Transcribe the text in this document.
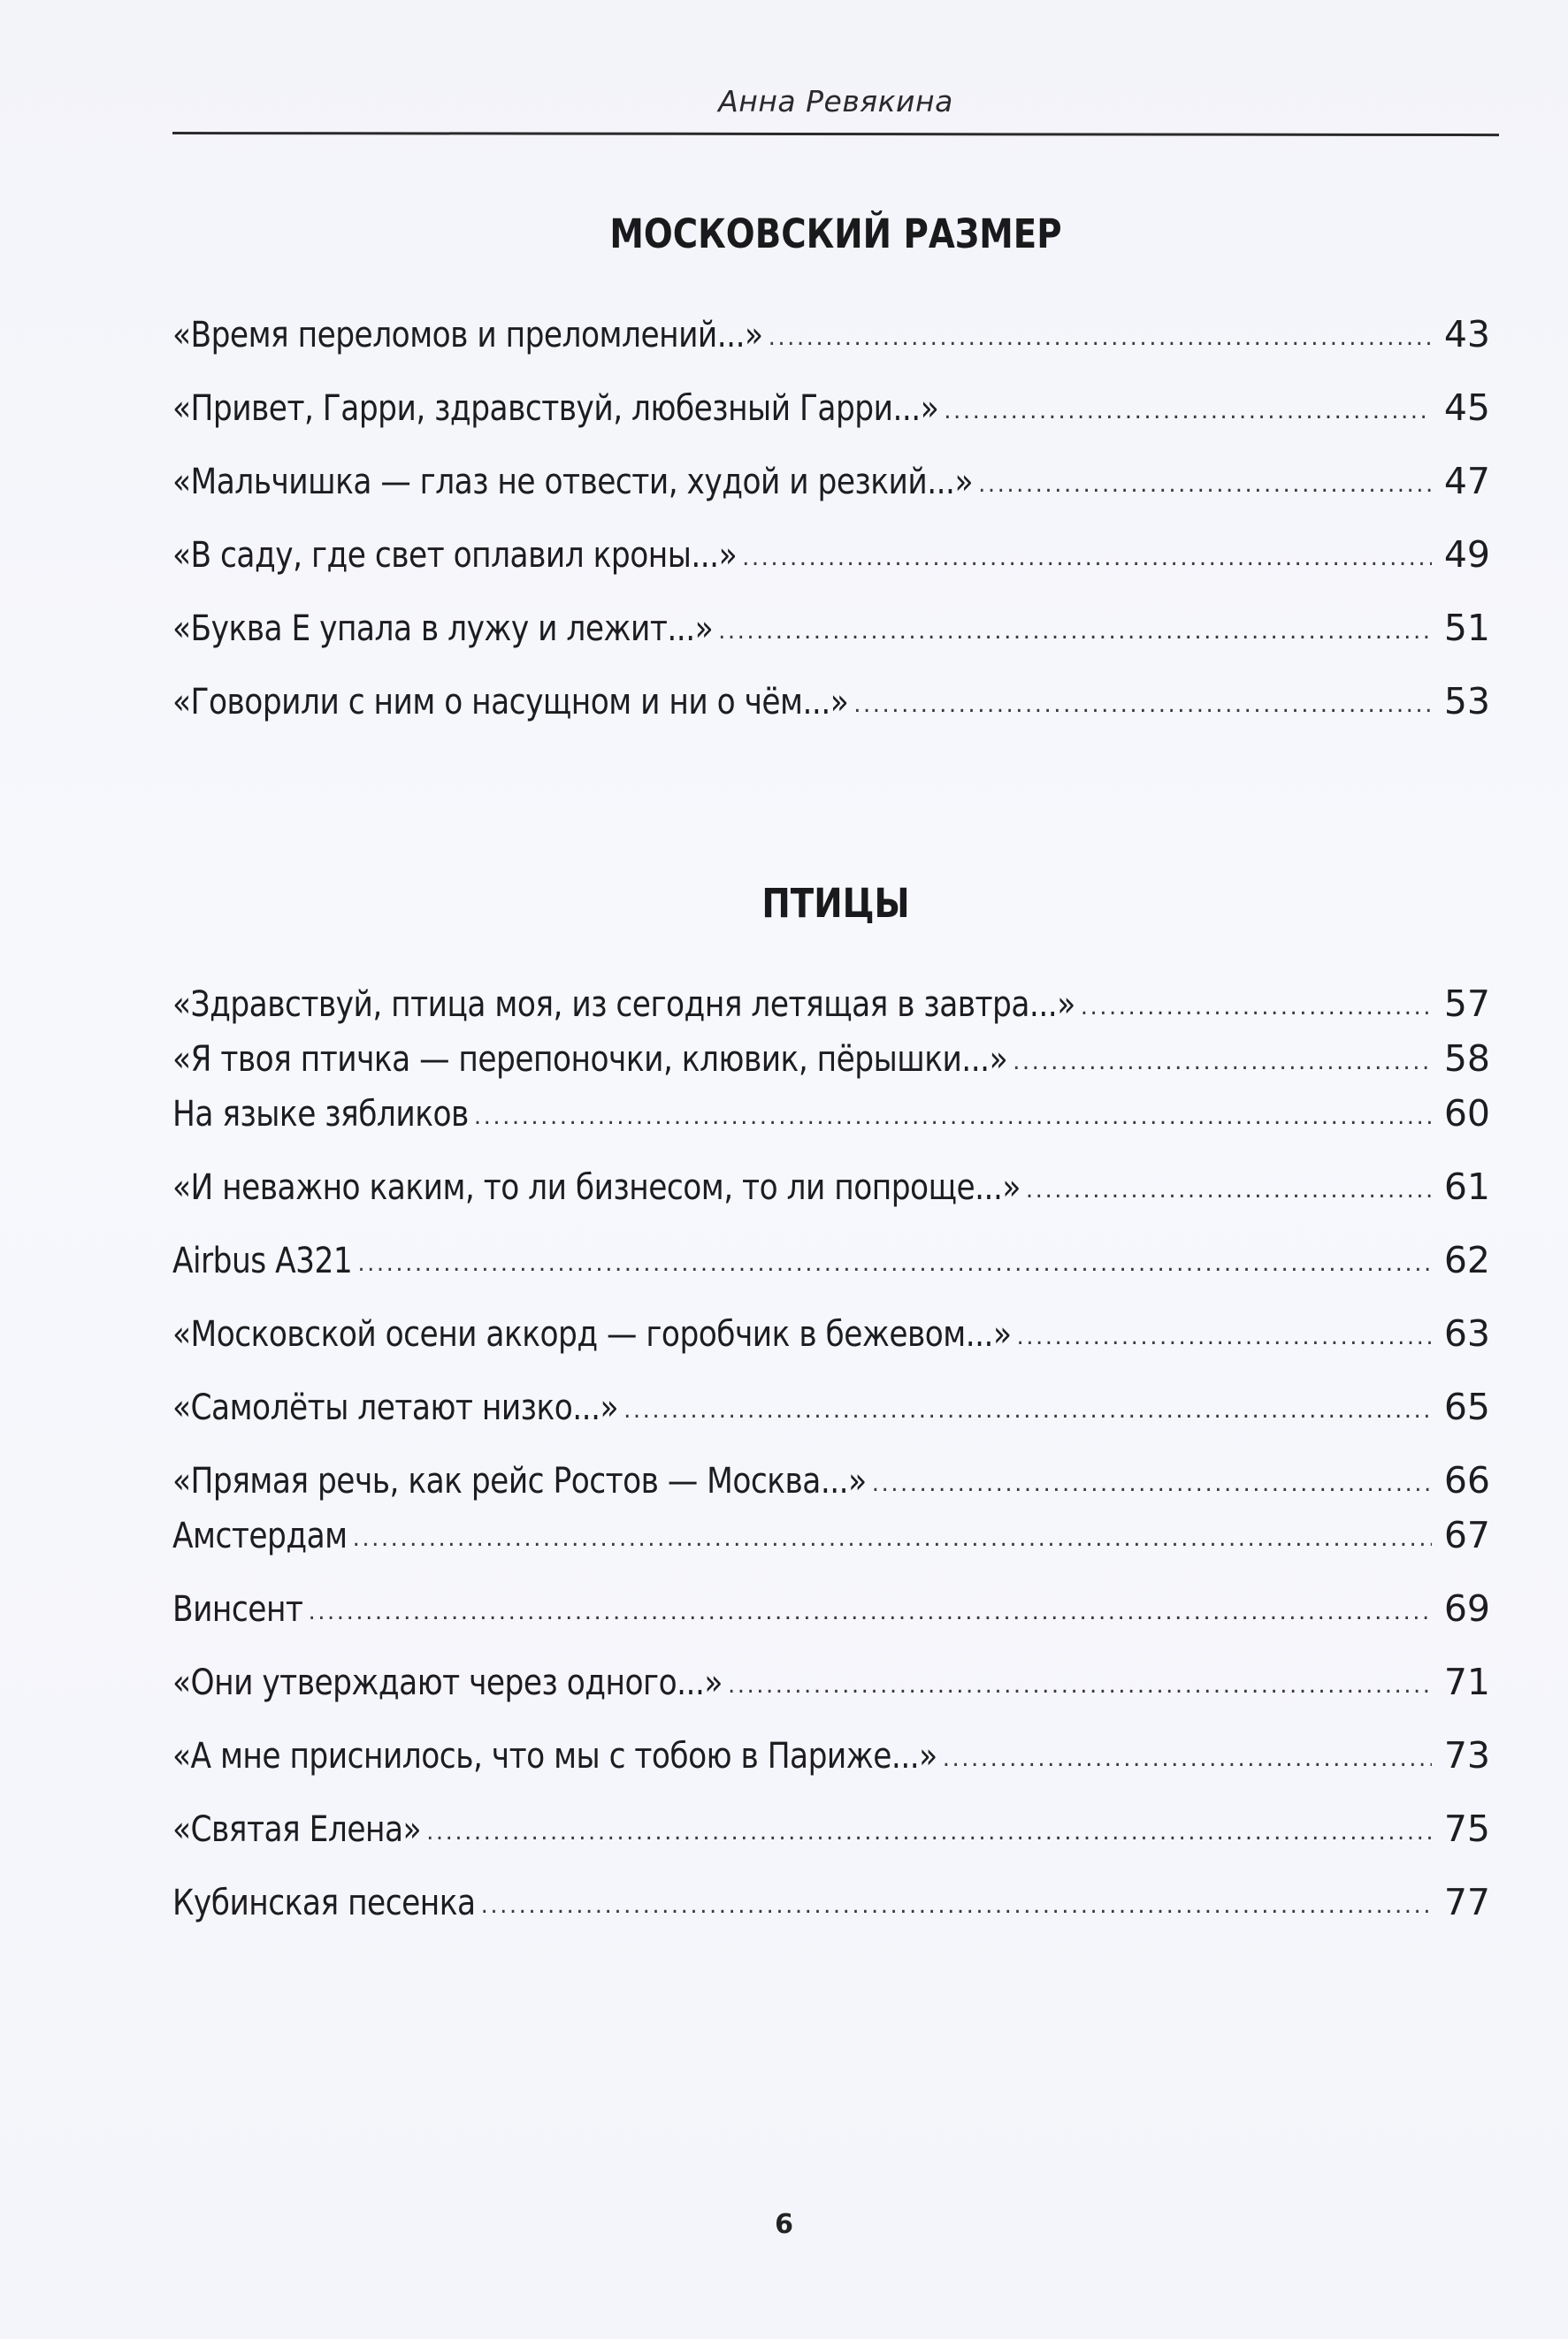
Анна Ревякина
МОСКОВСКИЙ РАЗМЕР
«Время переломов и преломлений...» .....	43
«Привет, Гарри, здравствуй, любезный Гарри...» .....	45
«Мальчишка — глаз не отвести, худой и резкий...» .....	47
«В саду, где свет оплавил кроны...» .....	49
«Буква Е упала в лужу и лежит...» .....	51
«Говорили с ним о насущном и ни о чём...» .....	53
ПТИЦЫ
«Здравствуй, птица моя, из сегодня летящая в завтра...» .....	57
«Я твоя птичка — перепоночки, клювик, пёрышки...» .....	58
На языке зябликов .....	60
«И неважно каким, то ли бизнесом, то ли попроще...» .....	61
Airbus A321 .....	62
«Московской осени аккорд — горобчик в бежевом...» .....	63
«Самолёты летают низко...» .....	65
«Прямая речь, как рейс Ростов — Москва...» .....	66
Амстердам .....	67
Винсент .....	69
«Они утверждают через одного...» .....	71
«А мне приснилось, что мы с тобою в Париже...» .....	73
«Святая Елена» .....	75
Кубинская песенка .....	77
6
